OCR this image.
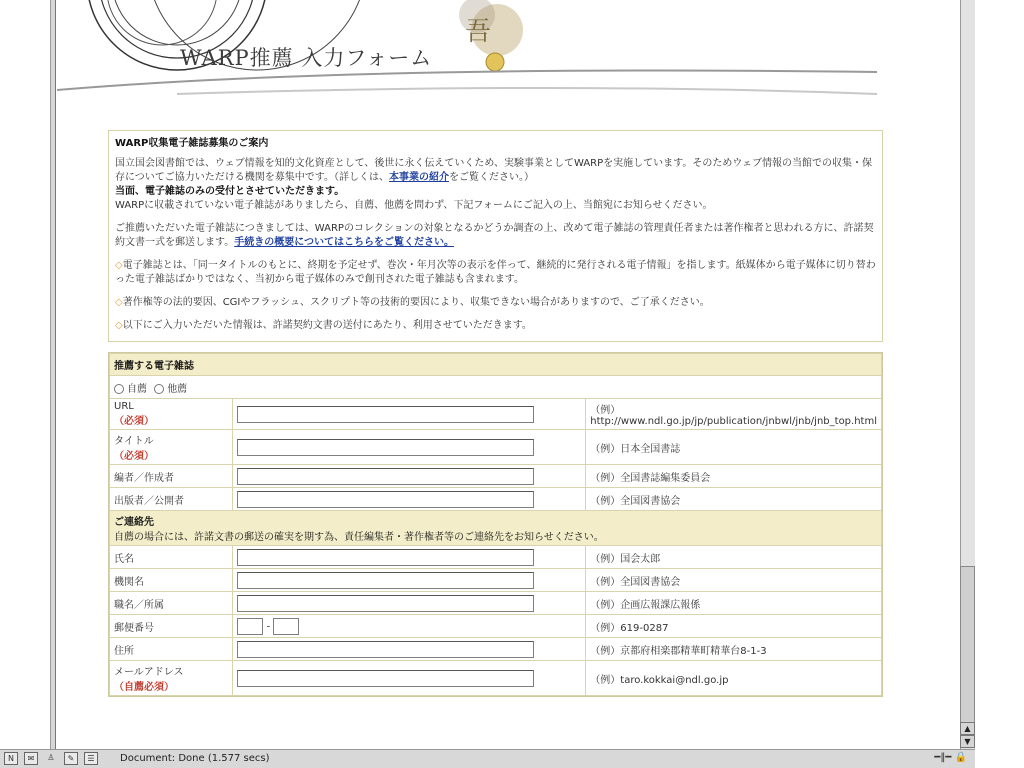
吾
WARP推薦 入力フォーム
WARP収集電子雑誌募集のご案内

国立国会図書館では、ウェブ情報を知的文化資産として、後世に永く伝えていくため、実験事業としてWARPを実施しています。そのためウェブ情報の当館での収集・保存についてご協力いただける機関を募集中です。（詳しくは、本事業の紹介をご覧ください。）
当面、電子雑誌のみの受付とさせていただきます。
WARPに収載されていない電子雑誌がありましたら、自薦、他薦を問わず、下記フォームにご記入の上、当館宛にお知らせください。

ご推薦いただいた電子雑誌につきましては、WARPのコレクションの対象となるかどうか調査の上、改めて電子雑誌の管理責任者または著作権者と思われる方に、許諾契約文書一式を郵送します。手続きの概要についてはこちらをご覧ください。

◇電子雑誌とは、「同一タイトルのもとに、終期を予定せず、巻次・年月次等の表示を伴って、継続的に発行される電子情報」を指します。紙媒体から電子媒体に切り替わった電子雑誌ばかりではなく、当初から電子媒体のみで創刊された電子雑誌も含まれます。

◇著作権等の法的要因、CGIやフラッシュ、スクリプト等の技術的要因により、収集できない場合がありますので、ご了承ください。

◇以下にご入力いただいた情報は、許諾契約文書の送付にあたり、利用させていただきます。

推薦する電子雑誌		
自薦 他薦		
URL
（必須）		（例）http://www.ndl.go.jp/jp/publication/jnbwl/jnb/jnb_top.html
タイトル
（必須）		（例）日本全国書誌
編者／作成者		（例）全国書誌編集委員会
出版者／公開者		（例）全国図書協会
ご連絡先
自薦の場合には、許諾文書の郵送の確実を期す為、責任編集者・著作権者等のご連絡先をお知らせください。		
氏名		（例）国会太郎
機関名		（例）全国図書協会
職名／所属		（例）企画広報課広報係
郵便番号	-	（例）619-0287
住所		（例）京都府相楽郡精華町精華台8-1-3
メールアドレス
（自薦必須）		（例）taro.kokkai@ndl.go.jp
▲
▼
N	✉	♙	✎	☰	Document: Done (1.577 secs)	━‖━ 🔒
